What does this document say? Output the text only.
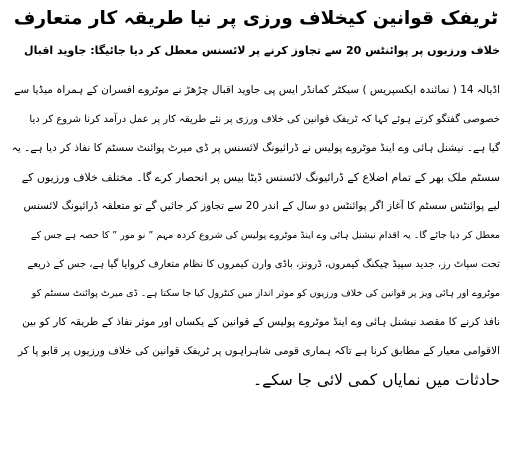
ٹریفک قوانین کیخلاف ورزی پر نیا طریقہ کار متعارف
خلاف ورزیوں پر پوائنٹس 20 سے تجاوز کرنے پر لائسنس معطل کر دیا جائیگا: جاوید اقبال
اڈیالہ 14 ( نمائندہ ایکسپریس ) سیکٹر کمانڈر ایس پی جاوید اقبال چڑھڑ نے موٹروے افسران کے ہمراہ میڈیا سے
خصوصی گفتگو کرتے ہوئے کہا کہ ٹریفک قوانین کی خلاف ورزی پر نئے طریقہ کار پر عمل درآمد کرنا شروع کر دیا
گیا ہے۔ نیشنل ہائی وے اینڈ موٹروے پولیس نے ڈرائیونگ لائسنس پر ڈی میرٹ پوائنٹ سسٹم کا نفاذ کر دیا ہے۔ یہ
سسٹم ملک بھر کے تمام اضلاع کے ڈرائیونگ لائسنس ڈیٹا بیس پر انحصار کرے گا۔ مختلف خلاف ورزیوں کے
لیے پوائنٹس سسٹم کا آغاز اگر پوائنٹس دو سال کے اندر 20 سے تجاوز کر جائیں گے تو متعلقہ ڈرائیونگ لائسنس
معطل کر دیا جائے گا۔ یہ اقدام نیشنل ہائی وے اینڈ موٹروے پولیس کی شروع کردہ مہم ” نو مور ” کا حصہ ہے جس کے
تحت سپاٹ رز، جدید سپیڈ چیکنگ کیمروں، ڈرونز، باڈی وارن کیمروں کا نظام متعارف کروایا گیا ہے، جس کے ذریعے
موٹروے اور ہائی ویز پر قوانین کی خلاف ورزیوں کو موثر انداز میں کنٹرول کیا جا سکتا ہے۔ ڈی میرٹ پوائنٹ سسٹم کو
نافذ کرنے کا مقصد نیشنل ہائی وے اینڈ موٹروے پولیس کے قوانین کے یکساں اور موثر نفاذ کے طریقہ کار کو بین
الاقوامی معیار کے مطابق کرنا ہے تاکہ ہماری قومی شاہراہوں پر ٹریفک قوانین کی خلاف ورزیوں پر قابو پا کر
حادثات میں نمایاں کمی لائی جا سکے۔
